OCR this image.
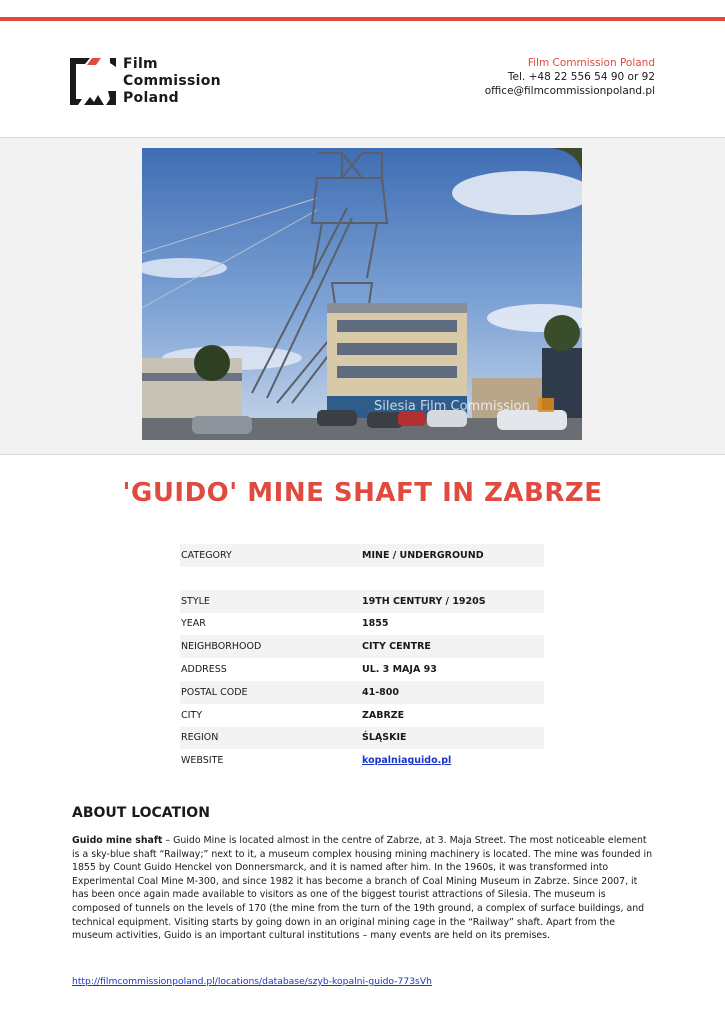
Film
Commission
Poland
Film Commission Poland
Tel. +48 22 556 54 90 or 92
office@filmcommissionpoland.pl
Silesia Film Commission
'GUIDO' MINE SHAFT IN ZABRZE
CATEGORY	MINE / UNDERGROUND
STYLE	19TH CENTURY / 1920S
YEAR	1855
NEIGHBORHOOD	CITY CENTRE
ADDRESS	UL. 3 MAJA 93
POSTAL CODE	41-800
CITY	ZABRZE
REGION	ŚLĄSKIE
WEBSITE	kopalniaguido.pl
ABOUT LOCATION

Guido mine shaft – Guido Mine is located almost in the centre of Zabrze, at 3. Maja Street. The most noticeable element is a sky-blue shaft “Railway;” next to it, a museum complex housing mining machinery is located. The mine was founded in 1855 by Count Guido Henckel von Donnersmarck, and it is named after him. In the 1960s, it was transformed into Experimental Coal Mine M-300, and since 1982 it has become a branch of Coal Mining Museum in Zabrze. Since 2007, it has been once again made available to visitors as one of the biggest tourist attractions of Silesia. The museum is composed of tunnels on the levels of 170 (the mine from the turn of the 19th ground, a complex of surface buildings, and technical equipment. Visiting starts by going down in an original mining cage in the “Railway” shaft. Apart from the museum activities, Guido is an important cultural institutions – many events are held on its premises.

http://filmcommissionpoland.pl/locations/database/szyb-kopalni-guido-773sVh
